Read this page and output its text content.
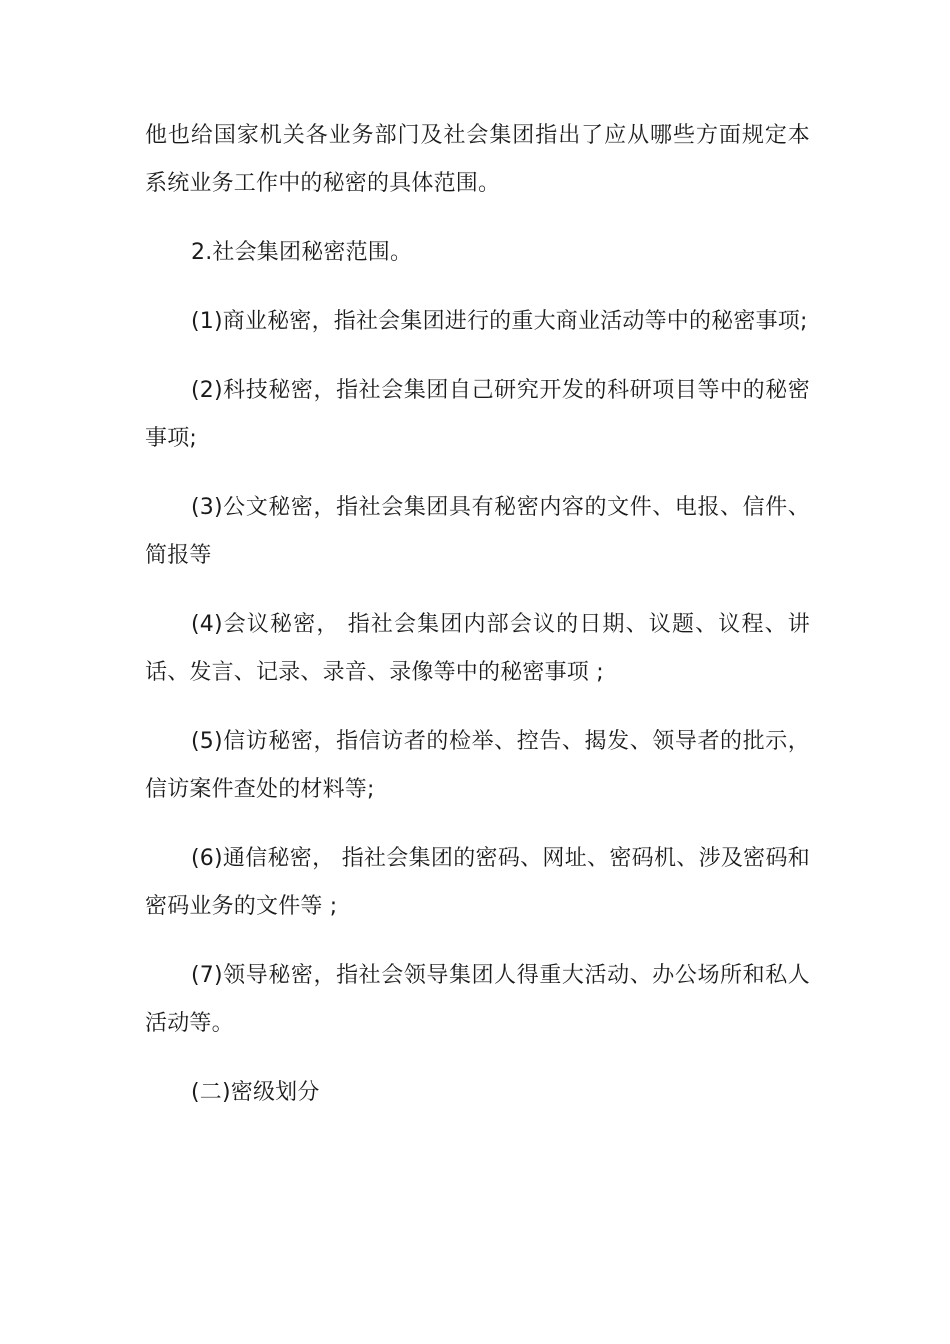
他也给国家机关各业务部门及社会集团指出了应从哪些方面规定本系统业务工作中的秘密的具体范围。

2.社会集团秘密范围。

(1)商业秘密，指社会集团进行的重大商业活动等中的秘密事项;

(2)科技秘密，指社会集团自己研究开发的科研项目等中的秘密事项;

(3)公文秘密，指社会集团具有秘密内容的文件、电报、信件、简报等

(4)会议秘密， 指社会集团内部会议的日期、议题、议程、讲话、发言、记录、录音、录像等中的秘密事项 ;

(5)信访秘密，指信访者的检举、控告、揭发、领导者的批示，信访案件查处的材料等;

(6)通信秘密， 指社会集团的密码、网址、密码机、涉及密码和密码业务的文件等 ;

(7)领导秘密，指社会领导集团人得重大活动、办公场所和私人活动等。

(二)密级划分
